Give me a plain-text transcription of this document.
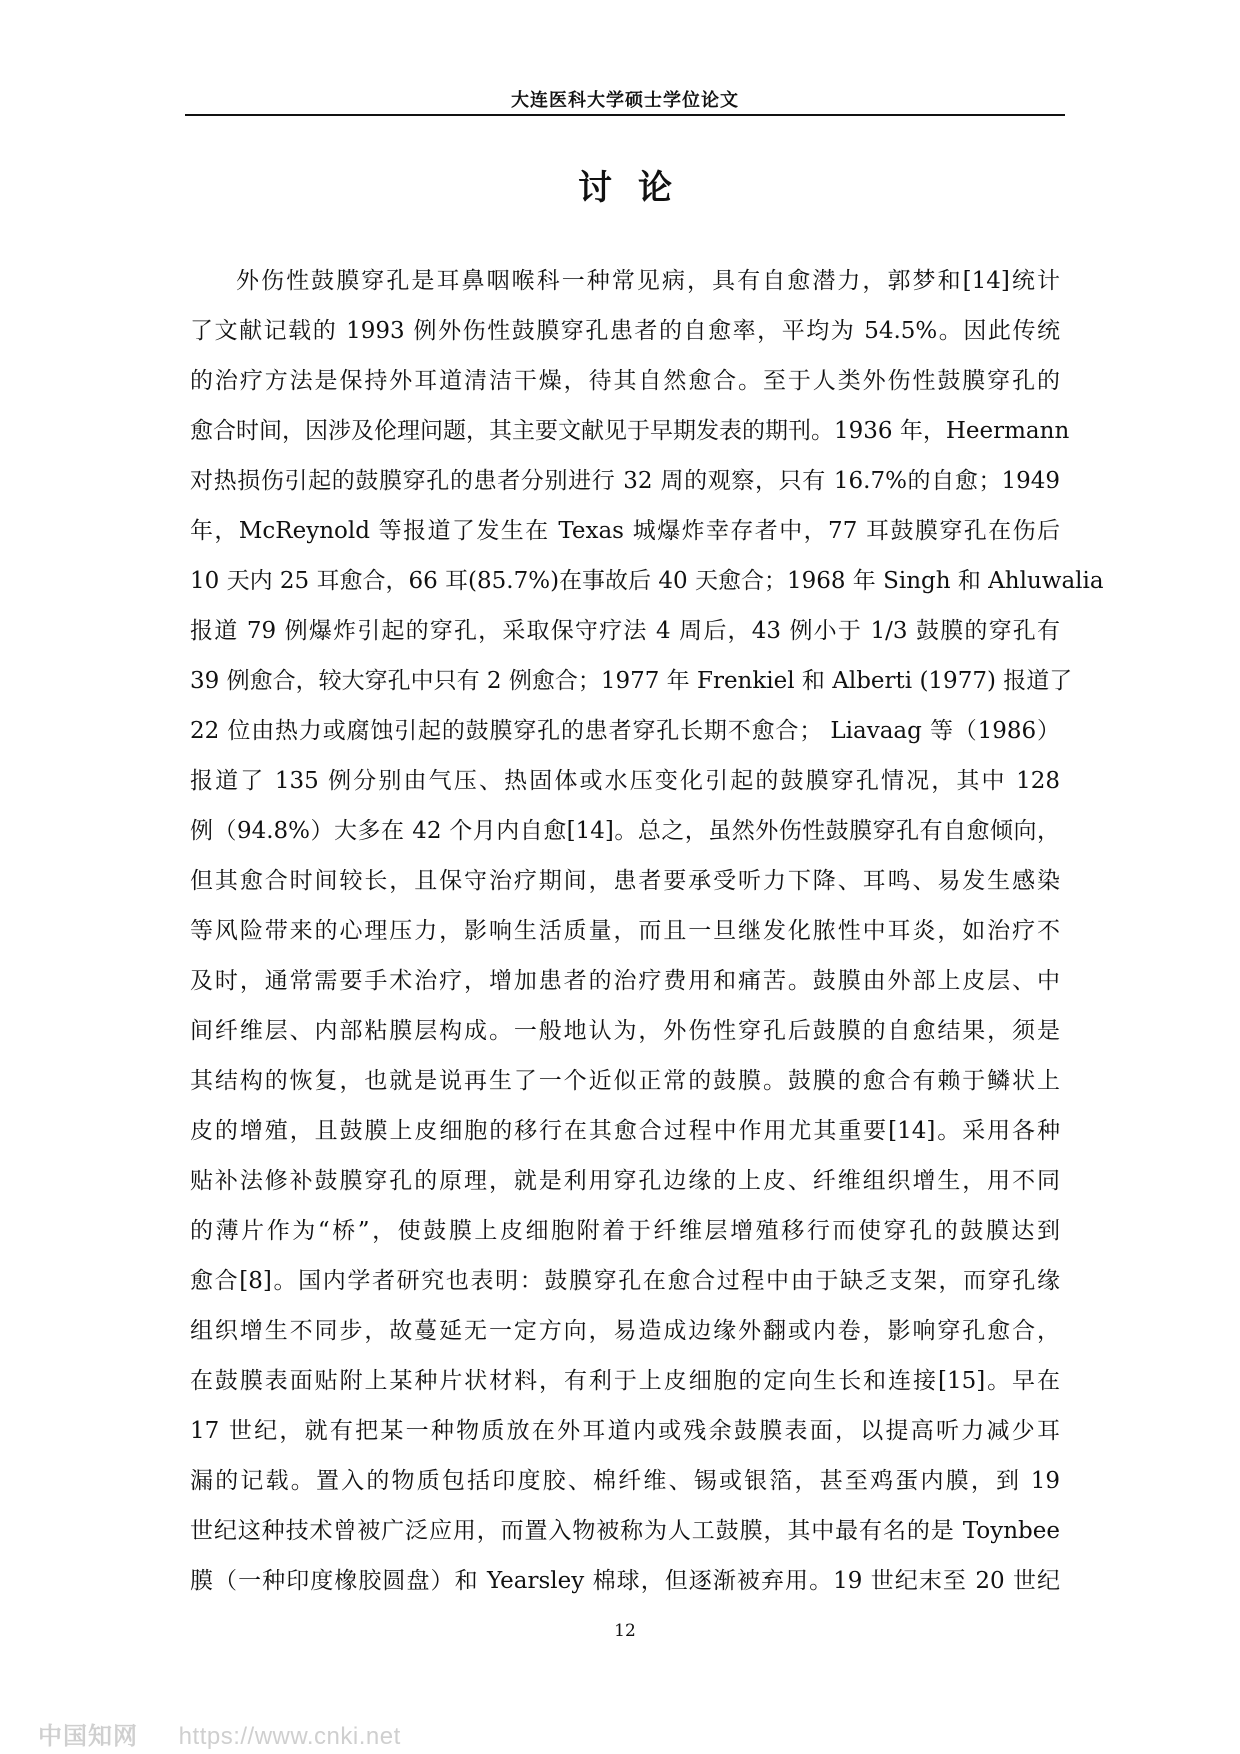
大连医科大学硕士学位论文
讨论
外伤性鼓膜穿孔是耳鼻咽喉科一种常见病，具有自愈潜力，郭梦和[14]统计
了文献记载的 1993 例外伤性鼓膜穿孔患者的自愈率，平均为 54.5%。因此传统
的治疗方法是保持外耳道清洁干燥，待其自然愈合。至于人类外伤性鼓膜穿孔的
愈合时间，因涉及伦理问题，其主要文献见于早期发表的期刊。1936 年，Heermann
对热损伤引起的鼓膜穿孔的患者分别进行 32 周的观察，只有 16.7%的自愈；1949
年，McReynold 等报道了发生在 Texas 城爆炸幸存者中，77 耳鼓膜穿孔在伤后
10 天内 25 耳愈合，66 耳(85.7%)在事故后 40 天愈合；1968 年 Singh 和 Ahluwalia
报道 79 例爆炸引起的穿孔，采取保守疗法 4 周后，43 例小于 1/3 鼓膜的穿孔有
39 例愈合，较大穿孔中只有 2 例愈合；1977 年 Frenkiel 和 Alberti (1977) 报道了
22 位由热力或腐蚀引起的鼓膜穿孔的患者穿孔长期不愈合； Liavaag 等（1986）
报道了 135 例分别由气压、热固体或水压变化引起的鼓膜穿孔情况，其中 128
例（94.8%）大多在 42 个月内自愈[14]。总之，虽然外伤性鼓膜穿孔有自愈倾向，
但其愈合时间较长，且保守治疗期间，患者要承受听力下降、耳鸣、易发生感染
等风险带来的心理压力，影响生活质量，而且一旦继发化脓性中耳炎，如治疗不
及时，通常需要手术治疗，增加患者的治疗费用和痛苦。鼓膜由外部上皮层、中
间纤维层、内部粘膜层构成。一般地认为，外伤性穿孔后鼓膜的自愈结果，须是
其结构的恢复，也就是说再生了一个近似正常的鼓膜。鼓膜的愈合有赖于鳞状上
皮的增殖，且鼓膜上皮细胞的移行在其愈合过程中作用尤其重要[14]。采用各种
贴补法修补鼓膜穿孔的原理，就是利用穿孔边缘的上皮、纤维组织增生，用不同
的薄片作为“桥”，使鼓膜上皮细胞附着于纤维层增殖移行而使穿孔的鼓膜达到
愈合[8]。国内学者研究也表明：鼓膜穿孔在愈合过程中由于缺乏支架，而穿孔缘
组织增生不同步，故蔓延无一定方向，易造成边缘外翻或内卷，影响穿孔愈合，
在鼓膜表面贴附上某种片状材料，有利于上皮细胞的定向生长和连接[15]。早在
17 世纪，就有把某一种物质放在外耳道内或残余鼓膜表面，以提高听力减少耳
漏的记载。置入的物质包括印度胶、棉纤维、锡或银箔，甚至鸡蛋内膜，到 19
世纪这种技术曾被广泛应用，而置入物被称为人工鼓膜，其中最有名的是 Toynbee
膜（一种印度橡胶圆盘）和 Yearsley 棉球，但逐渐被弃用。19 世纪末至 20 世纪
12
中国知网 https://www.cnki.net
